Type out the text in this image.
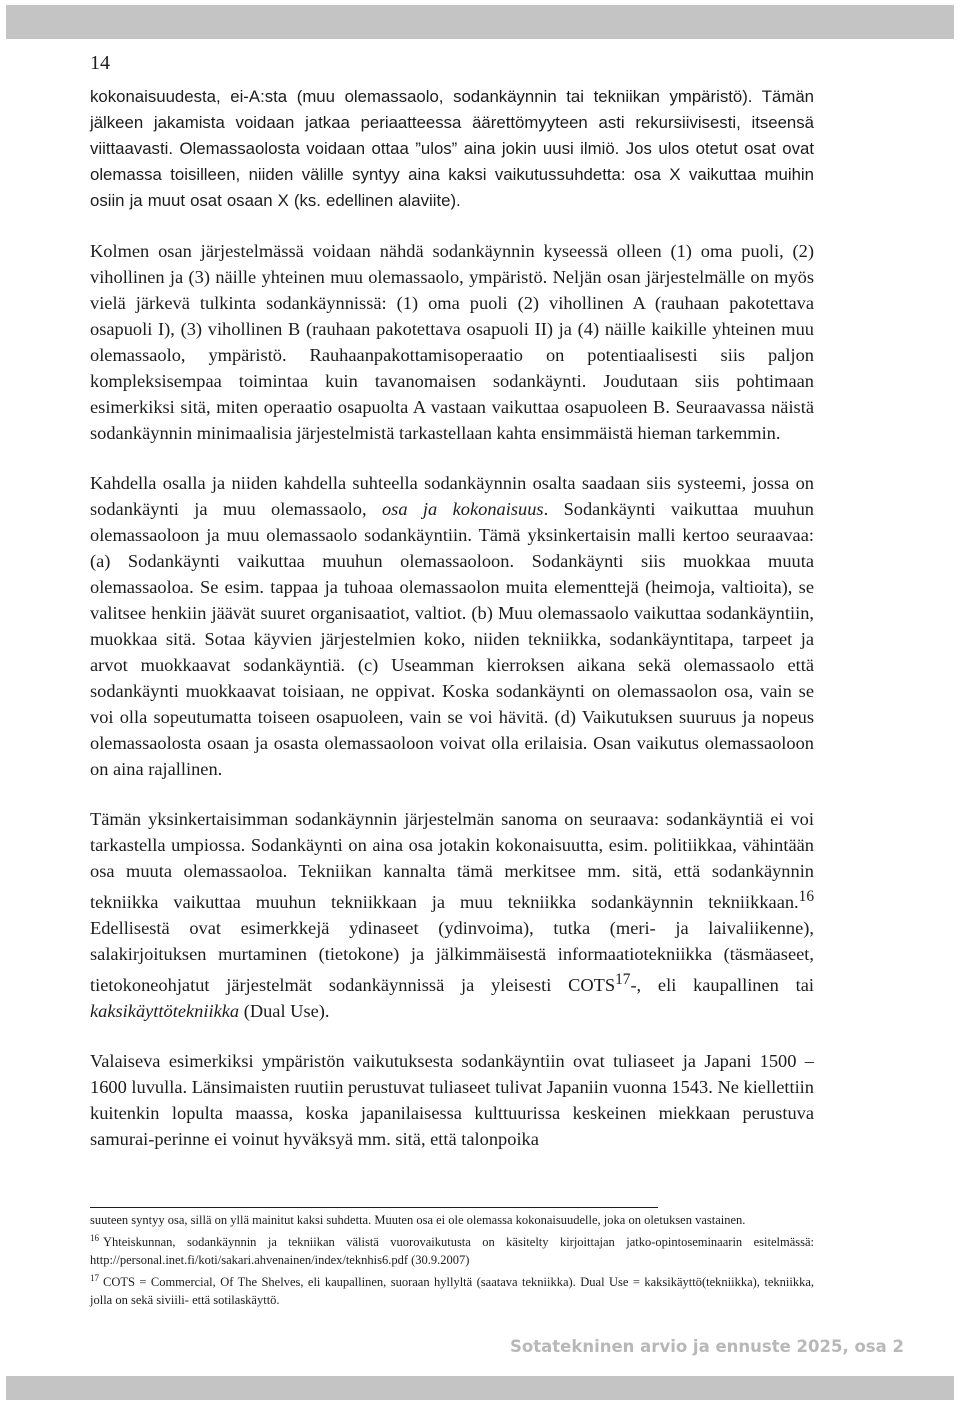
14

kokonaisuudesta, ei-A:sta (muu olemassaolo, sodankäynnin tai tekniikan ympäristö). Tämän jälkeen jakamista voidaan jatkaa periaatteessa äärettömyyteen asti rekursiivisesti, itseensä viittaavasti. Olemassaolosta voidaan ottaa ”ulos” aina jokin uusi ilmiö. Jos ulos otetut osat ovat olemassa toisilleen, niiden välille syntyy aina kaksi vaikutussuhdetta: osa X vaikuttaa muihin osiin ja muut osat osaan X (ks. edellinen alaviite).

Kolmen osan järjestelmässä voidaan nähdä sodankäynnin kyseessä olleen (1) oma puoli, (2) vihollinen ja (3) näille yhteinen muu olemassaolo, ympäristö. Neljän osan järjestelmälle on myös vielä järkevä tulkinta sodankäynnissä: (1) oma puoli (2) vihollinen A (rauhaan pakotettava osapuoli I), (3) vihollinen B (rauhaan pakotettava osapuoli II) ja (4) näille kaikille yhteinen muu olemassaolo, ympäristö. Rauhaanpakottamisoperaatio on potentiaalisesti siis paljon kompleksisempaa toimintaa kuin tavanomaisen sodankäynti. Joudutaan siis pohtimaan esimerkiksi sitä, miten operaatio osapuolta A vastaan vaikuttaa osapuoleen B. Seuraavassa näistä sodankäynnin minimaalisia järjestelmistä tarkastellaan kahta ensimmäistä hieman tarkemmin.

Kahdella osalla ja niiden kahdella suhteella sodankäynnin osalta saadaan siis systeemi, jossa on sodankäynti ja muu olemassaolo, osa ja kokonaisuus. Sodankäynti vaikuttaa muuhun olemassaoloon ja muu olemassaolo sodankäyntiin. Tämä yksinkertaisin malli kertoo seuraavaa: (a) Sodankäynti vaikuttaa muuhun olemassaoloon. Sodankäynti siis muokkaa muuta olemassaoloa. Se esim. tappaa ja tuhoaa olemassaolon muita elementtejä (heimoja, valtioita), se valitsee henkiin jäävät suuret organisaatiot, valtiot. (b) Muu olemassaolo vaikuttaa sodankäyntiin, muokkaa sitä. Sotaa käyvien järjestelmien koko, niiden tekniikka, sodankäyntitapa, tarpeet ja arvot muokkaavat sodankäyntiä. (c) Useamman kierroksen aikana sekä olemassaolo että sodankäynti muokkaavat toisiaan, ne oppivat. Koska sodankäynti on olemassaolon osa, vain se voi olla sopeutumatta toiseen osapuoleen, vain se voi hävitä. (d) Vaikutuksen suuruus ja nopeus olemassaolosta osaan ja osasta olemassaoloon voivat olla erilaisia. Osan vaikutus olemassaoloon on aina rajallinen.

Tämän yksinkertaisimman sodankäynnin järjestelmän sanoma on seuraava: sodankäyntiä ei voi tarkastella umpiossa. Sodankäynti on aina osa jotakin kokonaisuutta, esim. politiikkaa, vähintään osa muuta olemassaoloa. Tekniikan kannalta tämä merkitsee mm. sitä, että sodankäynnin tekniikka vaikuttaa muuhun tekniikkaan ja muu tekniikka sodankäynnin tekniikkaan.$^{16}$ Edellisestä ovat esimerkkejä ydinaseet (ydinvoima), tutka (meri- ja laivaliikenne), salakirjoituksen murtaminen (tietokone) ja jälkimmäisestä informaatiotekniikka (täsmäaseet, tietokoneohjatut järjestelmät sodankäynnissä ja yleisesti COTS$^{17}$-, eli kaupallinen tai kaksikäyttötekniikka (Dual Use).

Valaiseva esimerkiksi ympäristön vaikutuksesta sodankäyntiin ovat tuliaseet ja Japani 1500 – 1600 luvulla. Länsimaisten ruutiin perustuvat tuliaseet tulivat Japaniin vuonna 1543. Ne kiellettiin kuitenkin lopulta maassa, koska japanilaisessa kulttuurissa keskeinen miekkaan perustuva samurai-perinne ei voinut hyväksyä mm. sitä, että talonpoika

suuteen syntyy osa, sillä on yllä mainitut kaksi suhdetta. Muuten osa ei ole olemassa kokonaisuudelle, joka on oletuksen vastainen.

$^{16}$ Yhteiskunnan, sodankäynnin ja tekniikan välistä vuorovaikutusta on käsitelty kirjoittajan jatko-opintoseminaarin esitelmässä: http://personal.inet.fi/koti/sakari.ahvenainen/index/teknhis6.pdf (30.9.2007)

$^{17}$ COTS = Commercial, Of The Shelves, eli kaupallinen, suoraan hyllyltä (saatava tekniikka). Dual Use = kaksikäyttö(tekniikka), tekniikka, jolla on sekä siviili- että sotilaskäyttö.

Sotatekninen arvio ja ennuste 2025, osa 2
